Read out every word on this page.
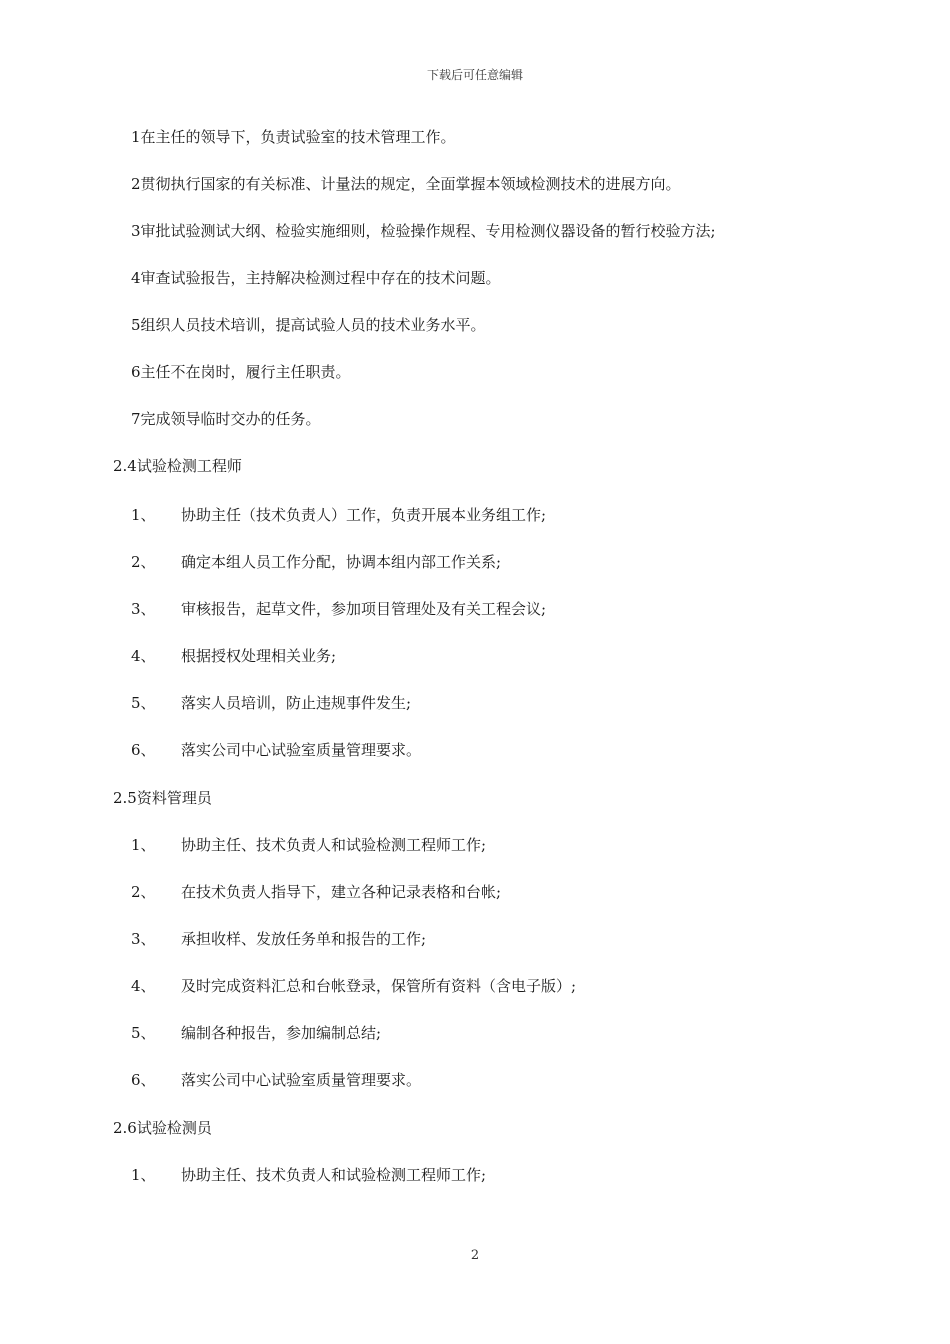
下载后可任意编辑
1在主任的领导下，负责试验室的技术管理工作。
2贯彻执行国家的有关标准、计量法的规定，全面掌握本领域检测技术的进展方向。
3审批试验测试大纲、检验实施细则，检验操作规程、专用检测仪器设备的暂行校验方法;
4审查试验报告，主持解决检测过程中存在的技术问题。
5组织人员技术培训，提高试验人员的技术业务水平。
6主任不在岗时，履行主任职责。
7完成领导临时交办的任务。
2.4试验检测工程师
1、 协助主任（技术负责人）工作，负责开展本业务组工作;
2、 确定本组人员工作分配，协调本组内部工作关系;
3、 审核报告，起草文件，参加项目管理处及有关工程会议;
4、 根据授权处理相关业务;
5、 落实人员培训，防止违规事件发生;
6、 落实公司中心试验室质量管理要求。
2.5资料管理员
1、 协助主任、技术负责人和试验检测工程师工作;
2、 在技术负责人指导下，建立各种记录表格和台帐;
3、 承担收样、发放任务单和报告的工作;
4、 及时完成资料汇总和台帐登录，保管所有资料（含电子版）;
5、 编制各种报告，参加编制总结;
6、 落实公司中心试验室质量管理要求。
2.6试验检测员
1、 协助主任、技术负责人和试验检测工程师工作;
2
